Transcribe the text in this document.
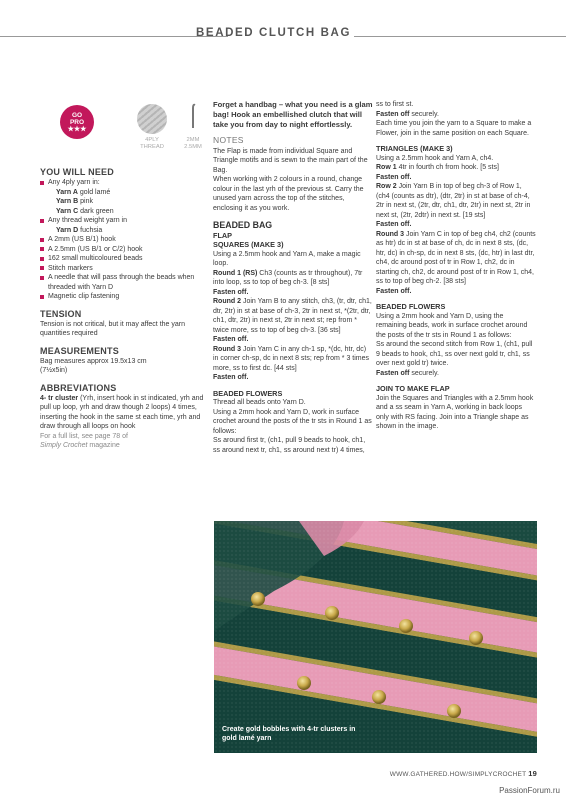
BEADED CLUTCH BAG
GO
PRO
★★★
4PLY
THREAD
2MM
2.5MM
YOU WILL NEED
Any 4ply yarn in:
Yarn A gold lamé
Yarn B pink
Yarn C dark green
Any thread weight yarn in
Yarn D fuchsia
A 2mm (US B/1) hook
A 2.5mm (US B/1 or C/2) hook
162 small multicoloured beads
Stitch markers
A needle that will pass through the beads when threaded with Yarn D
Magnetic clip fastening
TENSION
Tension is not critical, but it may affect the yarn quantities required
MEASUREMENTS
Bag measures approx 19.5x13 cm
(7½x5in)
ABBREVIATIONS
4- tr cluster (Yrh, insert hook in st indicated, yrh and pull up loop, yrh and draw though 2 loops) 4 times, inserting the hook in the same st each time, yrh and draw through all loops on hook
For a full list, see page 78 of
Simply Crochet magazine
Forget a handbag – what you need is a glam bag! Hook an embellished clutch that will take you from day to night effortlessly.
NOTES
The Flap is made from individual Square and Triangle motifs and is sewn to the main part of the Bag.
When working with 2 colours in a round, change colour in the last yrh of the previous st. Carry the unused yarn across the top of the stitches, enclosing it as you work.
BEADED BAG
FLAP
SQUARES (MAKE 3)
Using a 2.5mm hook and Yarn A, make a magic loop.
Round 1 (RS) Ch3 (counts as tr throughout), 7tr into loop, ss to top of beg ch-3. [8 sts]
Fasten off.
Round 2 Join Yarn B to any stitch, ch3, (tr, dtr, ch1, dtr, 2tr) in st at base of ch-3, 2tr in next st, *(2tr, dtr, ch1, dtr, 2tr) in next st, 2tr in next st; rep from * twice more, ss to top of beg ch-3. [36 sts]
Fasten off.
Round 3 Join Yarn C in any ch-1 sp, *(dc, htr, dc) in corner ch-sp, dc in next 8 sts; rep from * 3 times more, ss to first dc. [44 sts]
Fasten off.
BEADED FLOWERS
Thread all beads onto Yarn D.
Using a 2mm hook and Yarn D, work in surface crochet around the posts of the tr sts in Round 1 as follows:
Ss around first tr, (ch1, pull 9 beads to hook, ch1, ss around next tr, ch1, ss around next tr) 4 times,
ss to first st.
Fasten off securely.
Each time you join the yarn to a Square to make a Flower, join in the same position on each Square.
TRIANGLES (MAKE 3)
Using a 2.5mm hook and Yarn A, ch4.
Row 1 4tr in fourth ch from hook. [5 sts]
Fasten off.
Row 2 Join Yarn B in top of beg ch-3 of Row 1, (ch4 (counts as dtr), (dtr, 2tr) in st at base of ch-4, 2tr in next st, (2tr, dtr, ch1, dtr, 2tr) in next st, 2tr in next st, (2tr, 2dtr) in next st. [19 sts]
Fasten off.
Round 3 Join Yarn C in top of beg ch4, ch2 (counts as htr) dc in st at base of ch, dc in next 8 sts, (dc, htr, dc) in ch-sp, dc in next 8 sts, (dc, htr) in last dtr, ch4, dc around post of tr in Row 1, ch2, dc in starting ch, ch2, dc around post of tr in Row 1, ch4, ss to top of beg ch-2. [38 sts]
Fasten off.
BEADED FLOWERS
Using a 2mm hook and Yarn D, using the remaining beads, work in surface crochet around the posts of the tr sts in Round 1 as follows:
Ss around the second stitch from Row 1, (ch1, pull 9 beads to hook, ch1, ss over next gold tr, ch1, ss over next gold tr) twice.
Fasten off securely.
JOIN TO MAKE FLAP
Join the Squares and Triangles with a 2.5mm hook and a ss seam in Yarn A, working in back loops only with RS facing. Join into a Triangle shape as shown in the image.
Create gold bobbles with 4-tr clusters in gold lamé yarn
WWW.GATHERED.HOW/SIMPLYCROCHET 19
PassionForum.ru
